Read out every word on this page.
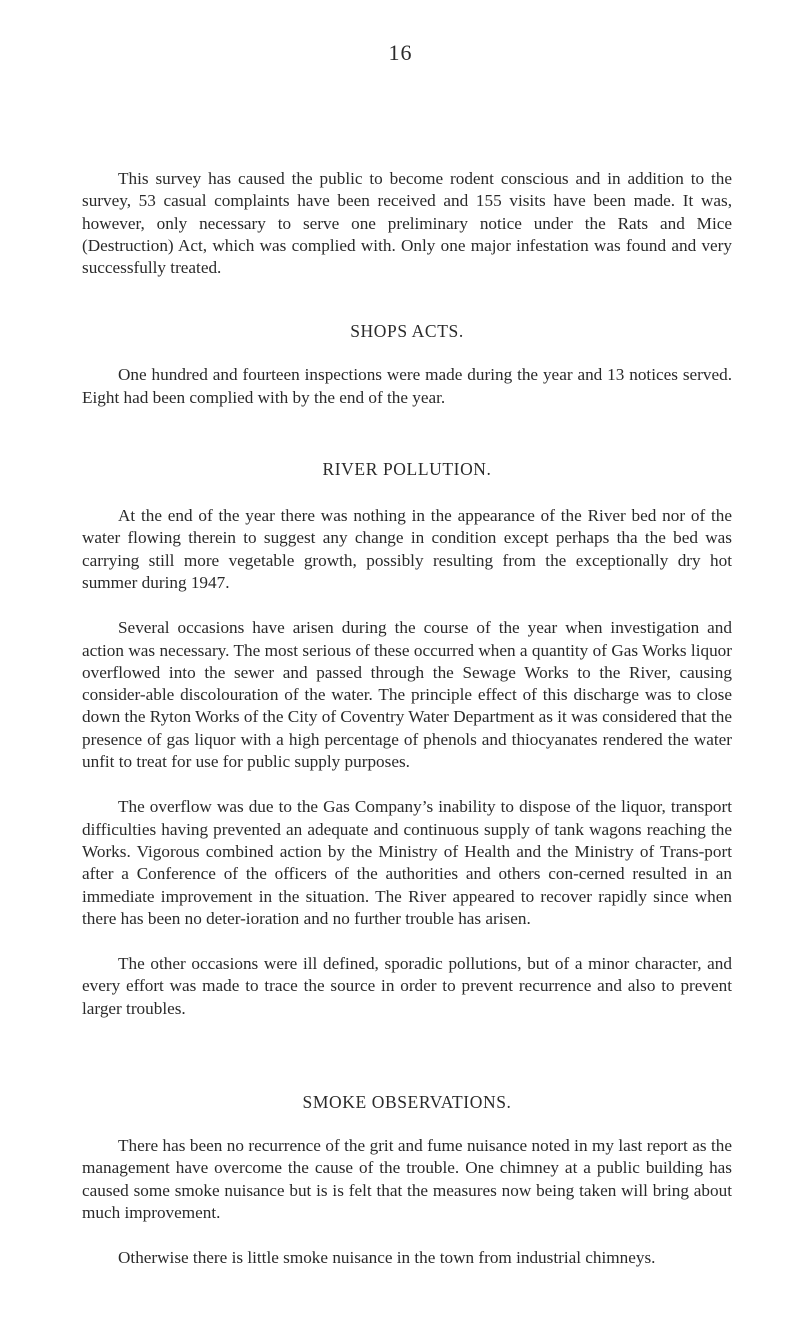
16

This survey has caused the public to become rodent conscious and in addition to the survey, 53 casual complaints have been received and 155 visits have been made. It was, however, only necessary to serve one preliminary notice under the Rats and Mice (Destruction) Act, which was complied with. Only one major infestation was found and very successfully treated.

SHOPS ACTS.

One hundred and fourteen inspections were made during the year and 13 notices served. Eight had been complied with by the end of the year.

RIVER POLLUTION.

At the end of the year there was nothing in the appearance of the River bed nor of the water flowing therein to suggest any change in condition except perhaps tha the bed was carrying still more vegetable growth, possibly resulting from the exceptionally dry hot summer during 1947.

Several occasions have arisen during the course of the year when investigation and action was necessary. The most serious of these occurred when a quantity of Gas Works liquor overflowed into the sewer and passed through the Sewage Works to the River, causing consider-able discolouration of the water. The principle effect of this discharge was to close down the Ryton Works of the City of Coventry Water Department as it was considered that the presence of gas liquor with a high percentage of phenols and thiocyanates rendered the water unfit to treat for use for public supply purposes.

The overflow was due to the Gas Company’s inability to dispose of the liquor, transport difficulties having prevented an adequate and continuous supply of tank wagons reaching the Works. Vigorous combined action by the Ministry of Health and the Ministry of Trans-port after a Conference of the officers of the authorities and others con-cerned resulted in an immediate improvement in the situation. The River appeared to recover rapidly since when there has been no deter-ioration and no further trouble has arisen.

The other occasions were ill defined, sporadic pollutions, but of a minor character, and every effort was made to trace the source in order to prevent recurrence and also to prevent larger troubles.

SMOKE OBSERVATIONS.

There has been no recurrence of the grit and fume nuisance noted in my last report as the management have overcome the cause of the trouble. One chimney at a public building has caused some smoke nuisance but is is felt that the measures now being taken will bring about much improvement.

Otherwise there is little smoke nuisance in the town from industrial chimneys.
